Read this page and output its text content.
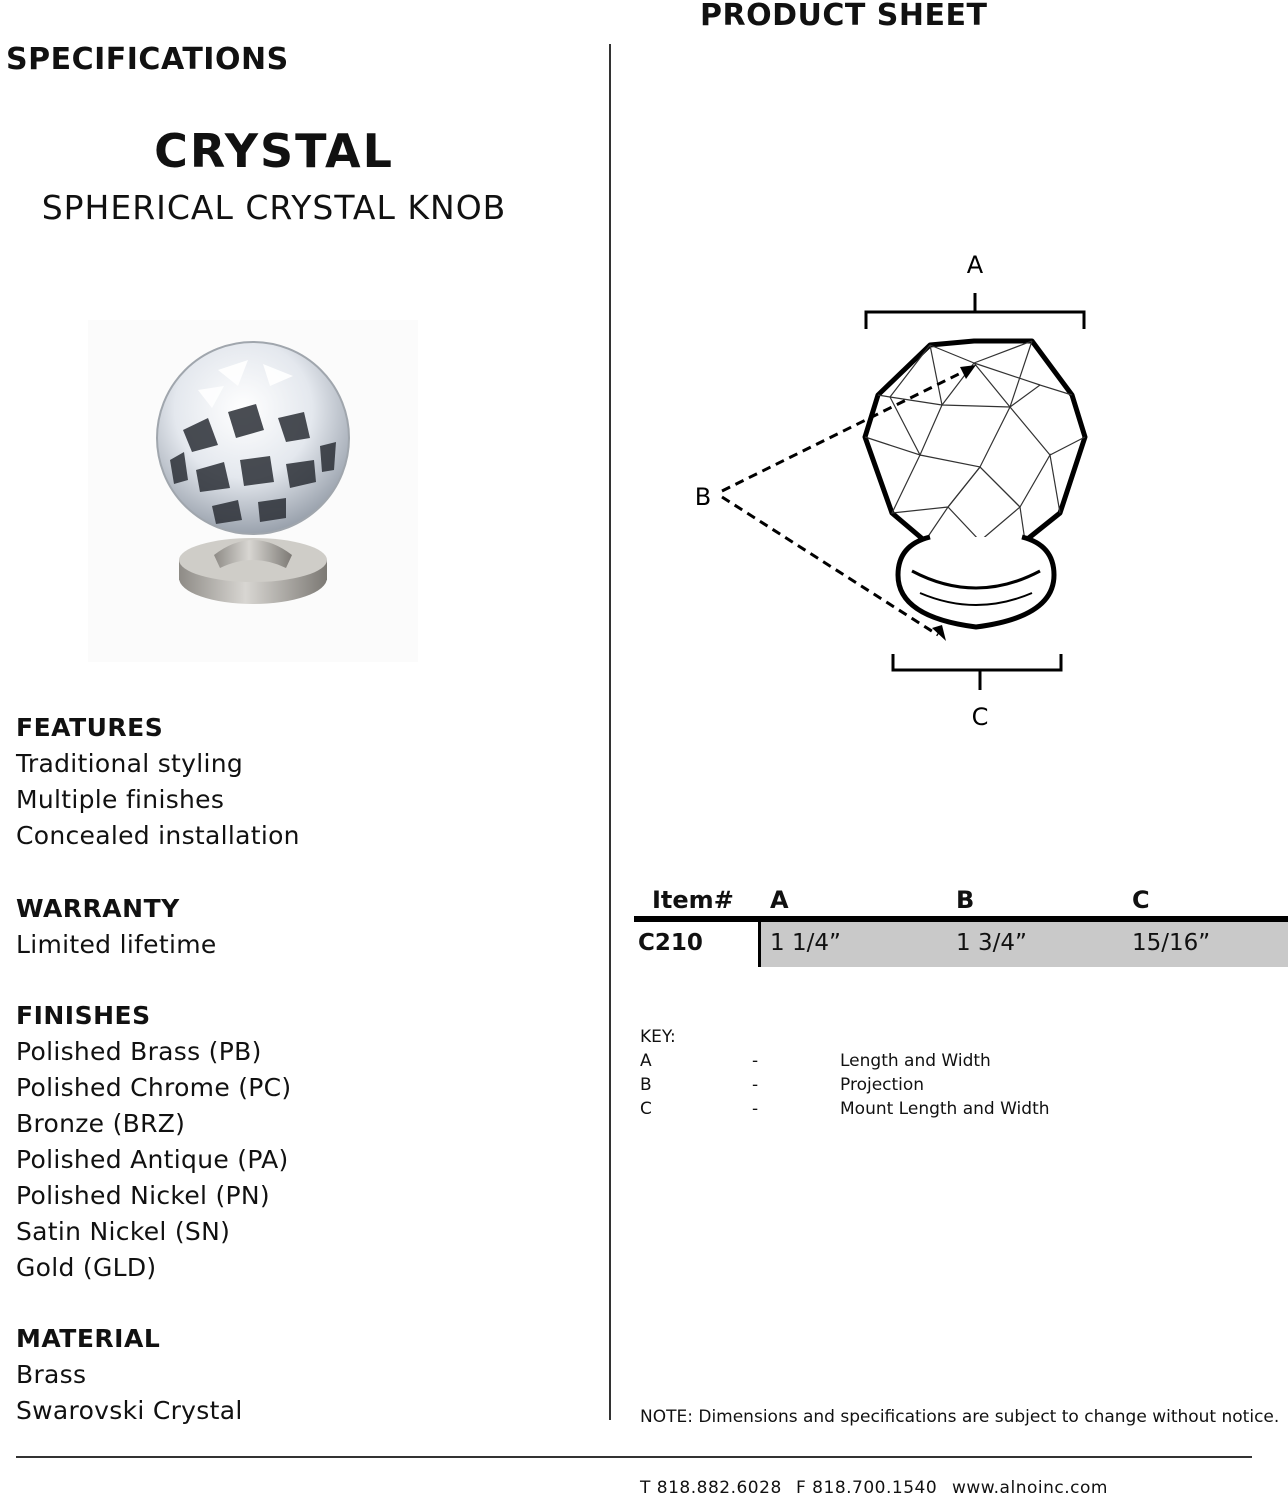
SPECIFICATIONS
PRODUCT SHEET
CRYSTAL
SPHERICAL CRYSTAL KNOB
FEATURES
Traditional styling
Multiple finishes
Concealed installation
WARRANTY
Limited lifetime
FINISHES
Polished Brass (PB)
Polished Chrome (PC)
Bronze (BRZ)
Polished Antique (PA)
Polished Nickel (PN)
Satin Nickel (SN)
Gold (GLD)
MATERIAL
Brass
Swarovski Crystal
A
B
C
Item# A	B	C
C210	1 1/4”	1 3/4”	15/16”
KEY:
A	-	Length and Width
B	-	Projection
C	-	Mount Length and Width
NOTE: Dimensions and specifications are subject to change without notice.
T 818.882.6028 F 818.700.1540 www.alnoinc.com
